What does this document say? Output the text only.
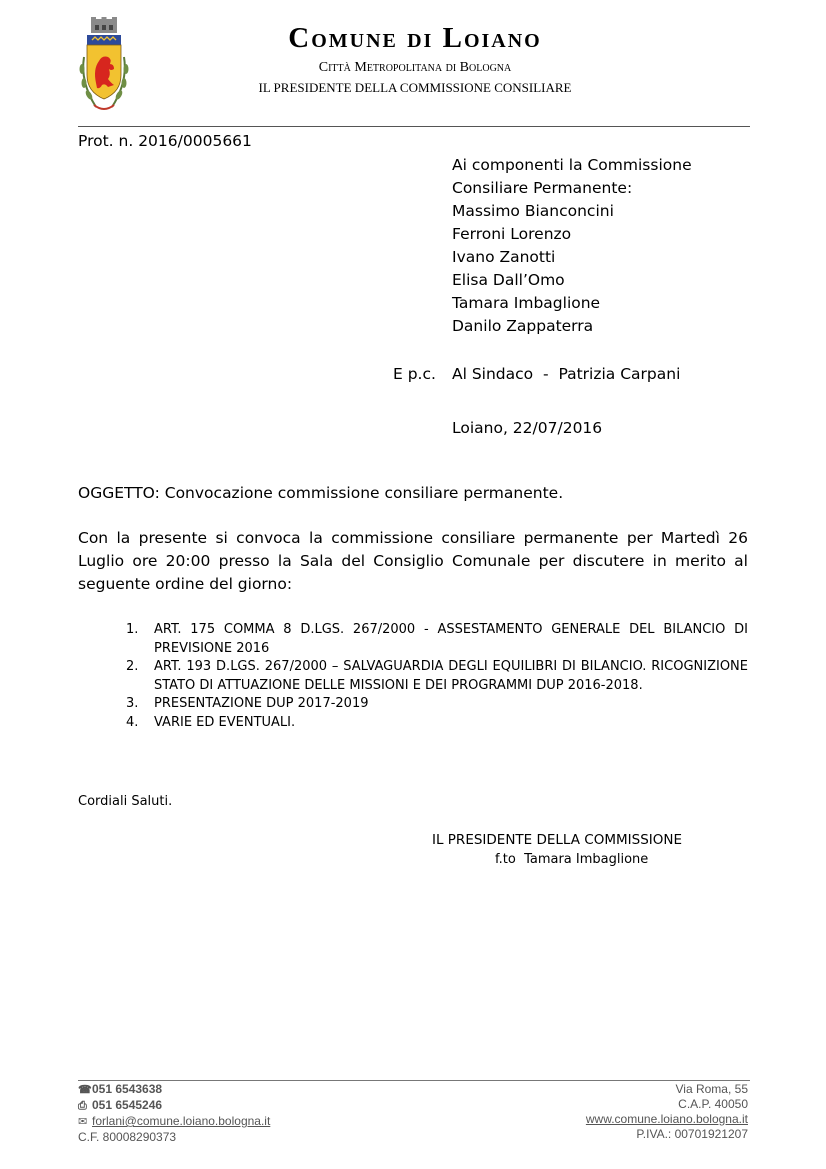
Comune di Loiano
Città Metropolitana di Bologna
IL PRESIDENTE DELLA COMMISSIONE CONSILIARE
Prot. n. 2016/0005661
Ai componenti la Commissione
Consiliare Permanente:
Massimo Bianconcini
Ferroni Lorenzo
Ivano Zanotti
Elisa Dall’Omo
Tamara Imbaglione
Danilo Zappaterra
E p.c. Al Sindaco  -  Patrizia Carpani
Loiano, 22/07/2016
OGGETTO: Convocazione commissione consiliare permanente.
Con la presente si convoca la commissione consiliare permanente per Martedì 26 Luglio ore 20:00 presso la Sala del Consiglio Comunale per discutere in merito al seguente ordine del giorno:
1. ART. 175 COMMA 8 D.LGS. 267/2000 - ASSESTAMENTO GENERALE DEL BILANCIO DI PREVISIONE 2016
2. ART. 193 D.LGS. 267/2000 – SALVAGUARDIA DEGLI EQUILIBRI DI BILANCIO. RICOGNIZIONE STATO DI ATTUAZIONE DELLE MISSIONI E DEI PROGRAMMI DUP 2016-2018.
3. PRESENTAZIONE DUP 2017-2019
4. VARIE ED EVENTUALI.
Cordiali Saluti.
IL PRESIDENTE DELLA COMMISSIONE
f.to  Tamara Imbaglione
☎051 6543638
⎙ 051 6545246
✉ forlani@comune.loiano.bologna.it
C.F. 80008290373
Via Roma, 55
C.A.P. 40050
www.comune.loiano.bologna.it
P.IVA.: 00701921207
